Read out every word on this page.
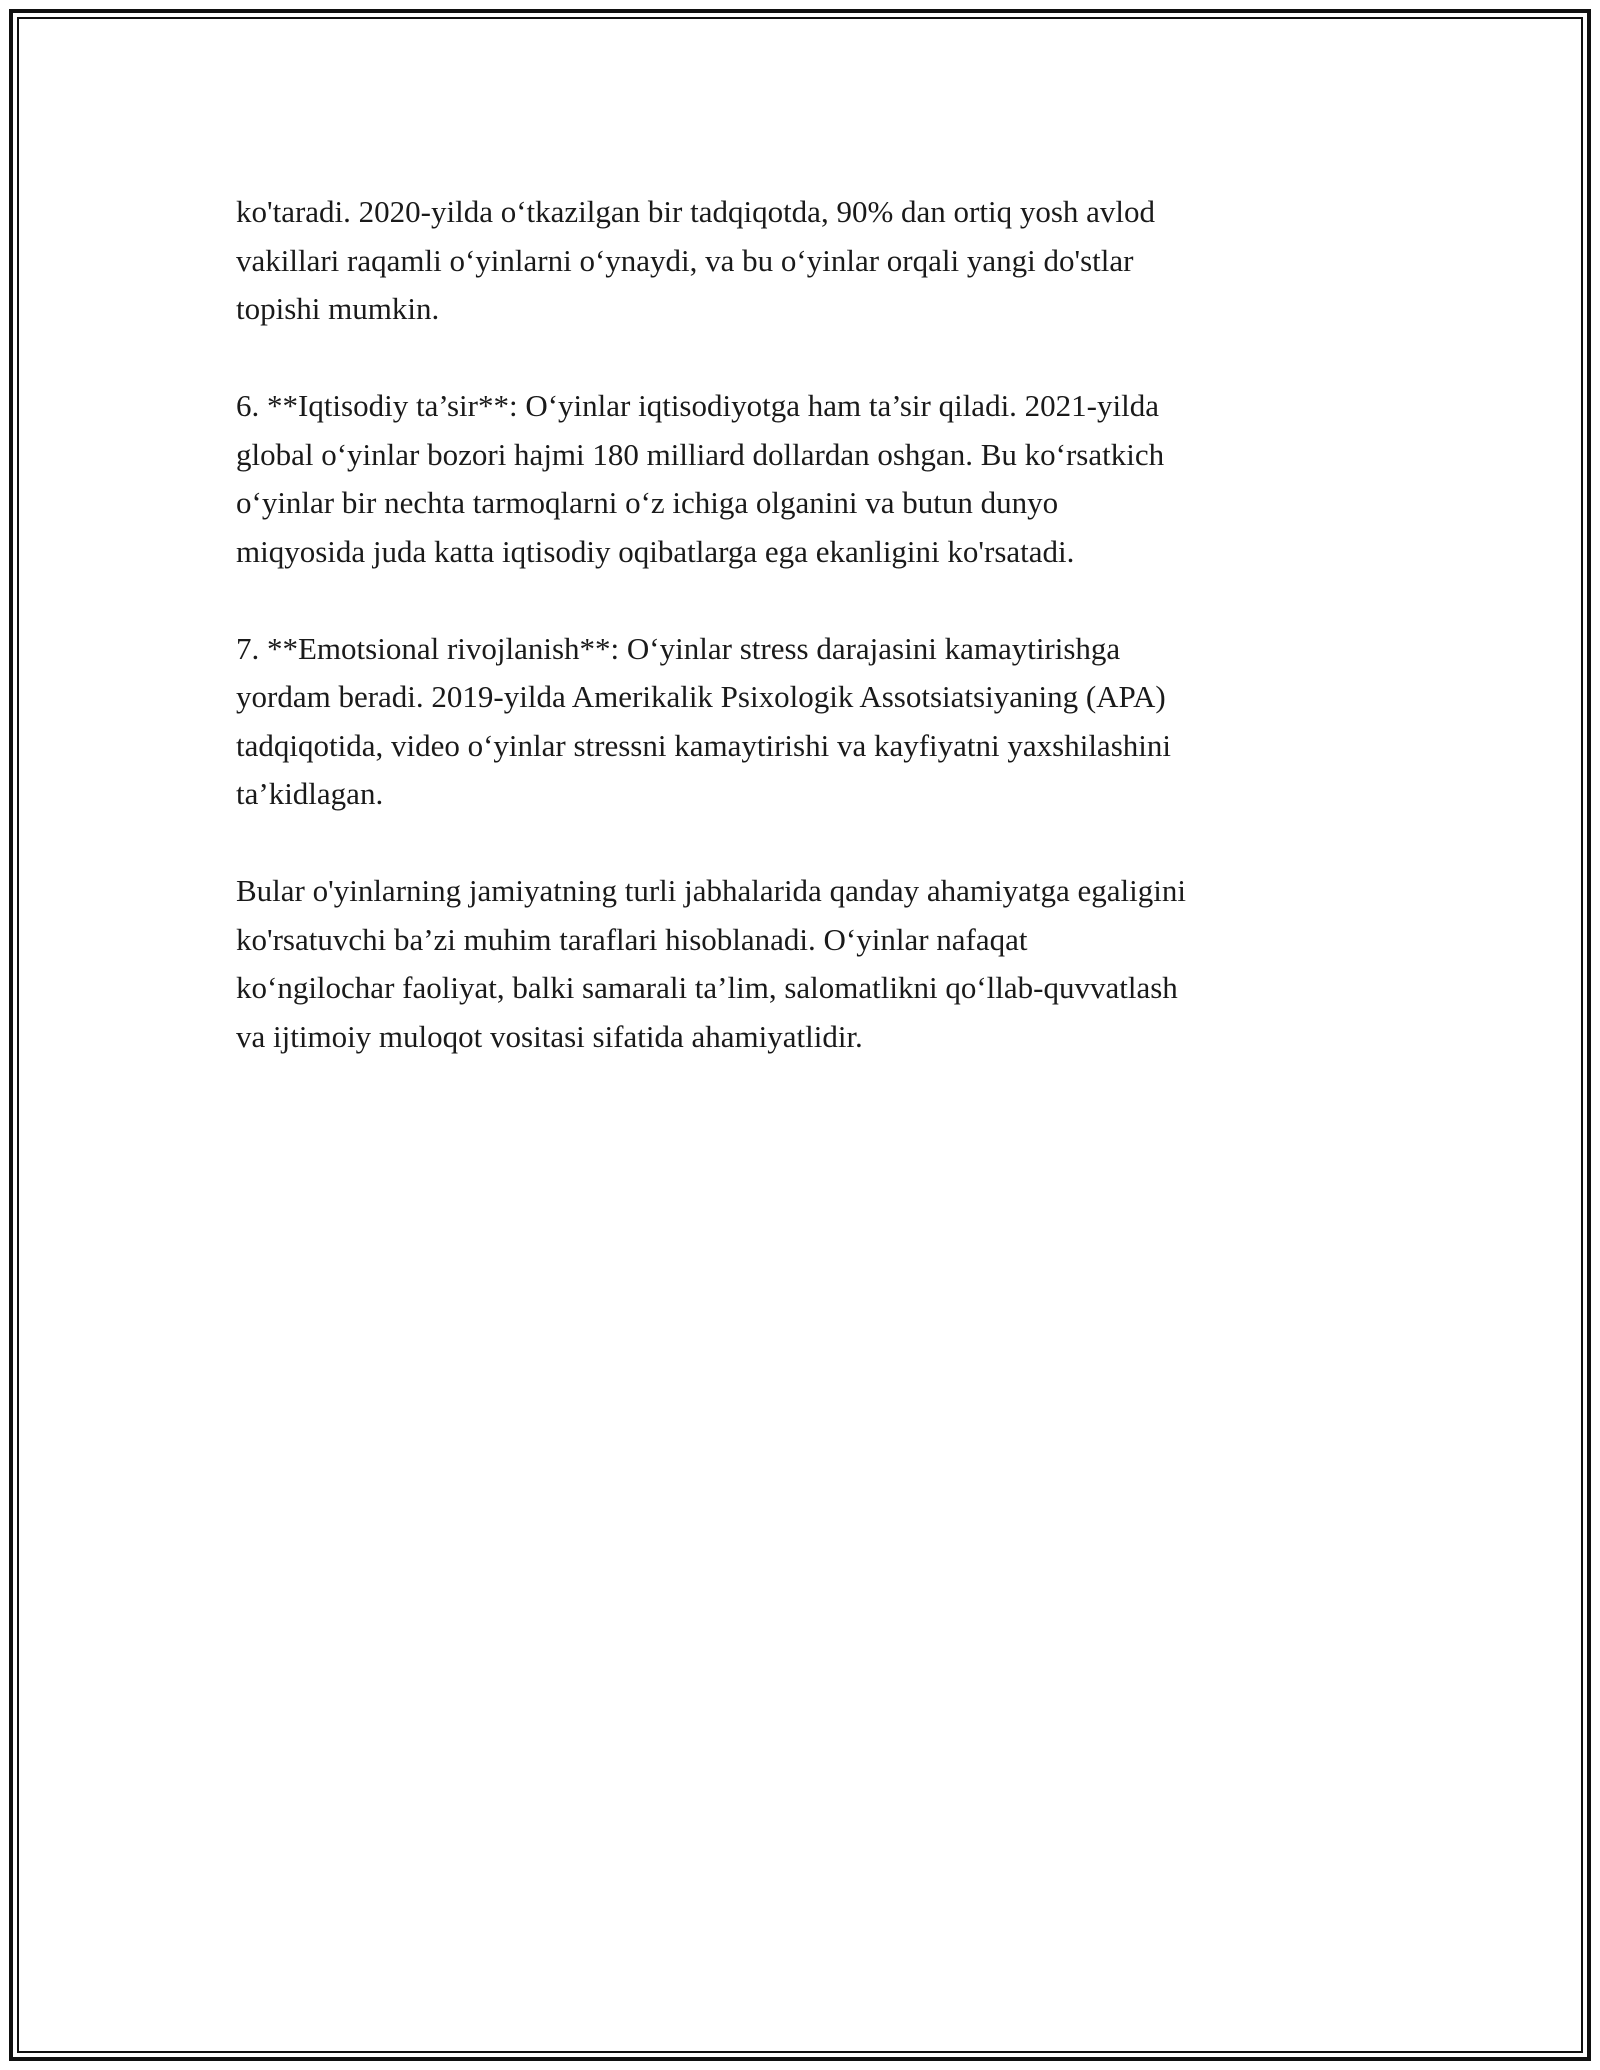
ko'taradi. 2020-yilda o‘tkazilgan bir tadqiqotda, 90% dan ortiq yosh avlod
vakillari raqamli o‘yinlarni o‘ynaydi, va bu o‘yinlar orqali yangi do'stlar
topishi mumkin.

6. **Iqtisodiy ta’sir**: O‘yinlar iqtisodiyotga ham ta’sir qiladi. 2021-yilda
global o‘yinlar bozori hajmi 180 milliard dollardan oshgan. Bu ko‘rsatkich
o‘yinlar bir nechta tarmoqlarni o‘z ichiga olganini va butun dunyo
miqyosida juda katta iqtisodiy oqibatlarga ega ekanligini ko'rsatadi.

7. **Emotsional rivojlanish**: O‘yinlar stress darajasini kamaytirishga
yordam beradi. 2019-yilda Amerikalik Psixologik Assotsiatsiyaning (APA)
tadqiqotida, video o‘yinlar stressni kamaytirishi va kayfiyatni yaxshilashini
ta’kidlagan.

Bular o'yinlarning jamiyatning turli jabhalarida qanday ahamiyatga egaligini
ko'rsatuvchi ba’zi muhim taraflari hisoblanadi. O‘yinlar nafaqat
ko‘ngilochar faoliyat, balki samarali ta’lim, salomatlikni qo‘llab-quvvatlash
va ijtimoiy muloqot vositasi sifatida ahamiyatlidir.
